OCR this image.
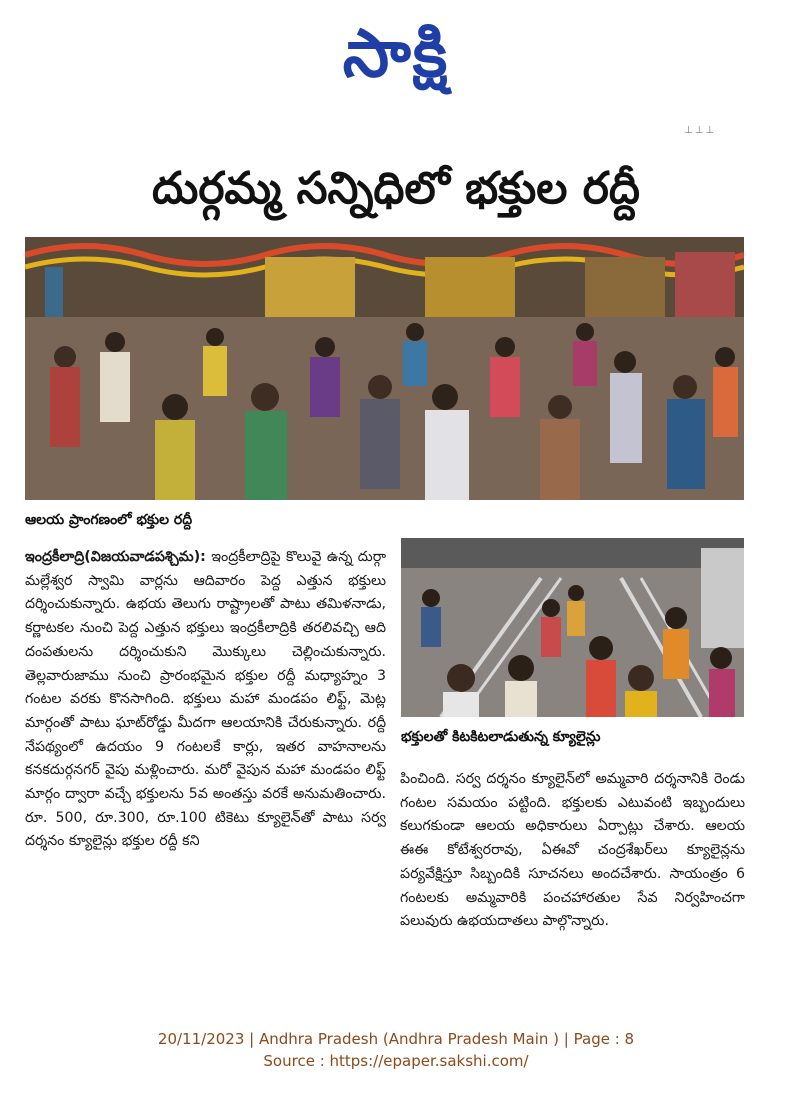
సాక్షి
⊥⊥⊥
దుర్గమ్మ సన్నిధిలో భక్తుల రద్దీ
ఆలయ ప్రాంగణంలో భక్తుల రద్దీ
భక్తులతో కిటకిటలాడుతున్న క్యూలైన్లు
ఇంద్రకీలాద్రి(విజయవాడపశ్చిమ): ఇంద్రకీలాద్రిపై కొలువై ఉన్న దుర్గా మల్లేశ్వర స్వామి వార్లను ఆదివారం పెద్ద ఎత్తున భక్తులు దర్శించుకున్నారు. ఉభయ తెలుగు రాష్ట్రాలతో పాటు తమిళనాడు, కర్ణాటకల నుంచి పెద్ద ఎత్తున భక్తులు ఇంద్రకీలాద్రికి తరలివచ్చి ఆది దంపతులను దర్శించుకుని మొక్కులు చెల్లించుకున్నారు. తెల్లవారుజాము నుంచి ప్రారంభమైన భక్తుల రద్దీ మధ్యాహ్నం 3 గంటల వరకు కొనసాగింది. భక్తులు మహా మండపం లిఫ్ట్, మెట్ల మార్గంతో పాటు ఘాట్‌రోడ్డు మీదగా ఆలయానికి చేరుకున్నారు. రద్దీ నేపథ్యంలో ఉదయం 9 గంటలకే కార్లు, ఇతర వాహనాలను కనకదుర్గనగర్ వైపు మళ్లించారు. మరో వైపున మహా మండపం లిఫ్ట్ మార్గం ద్వారా వచ్చే భక్తులను 5వ అంతస్తు వరకే అనుమతించారు. రూ. 500, రూ.300, రూ.100 టికెటు క్యూలైన్‌తో పాటు సర్వ దర్శనం క్యూలైన్లు భక్తుల రద్దీ కని
పించింది. సర్వ దర్శనం క్యూలైన్‌లో అమ్మవారి దర్శనానికి రెండు గంటల సమయం పట్టింది. భక్తులకు ఎటువంటి ఇబ్బందులు కలుగకుండా ఆలయ అధికారులు ఏర్పాట్లు చేశారు. ఆలయ ఈఈ కోటేశ్వరరావు, ఏఈవో చంద్రశేఖర్‌లు క్యూలైన్లను పర్యవేక్షిస్తూ సిబ్బందికి సూచనలు అందచేశారు. సాయంత్రం 6 గంటలకు అమ్మవారికి పంచహారతుల సేవ నిర్వహించగా పలువురు ఉభయదాతలు పాల్గొన్నారు.
20/11/2023 | Andhra Pradesh (Andhra Pradesh Main ) | Page : 8
Source : https://epaper.sakshi.com/
